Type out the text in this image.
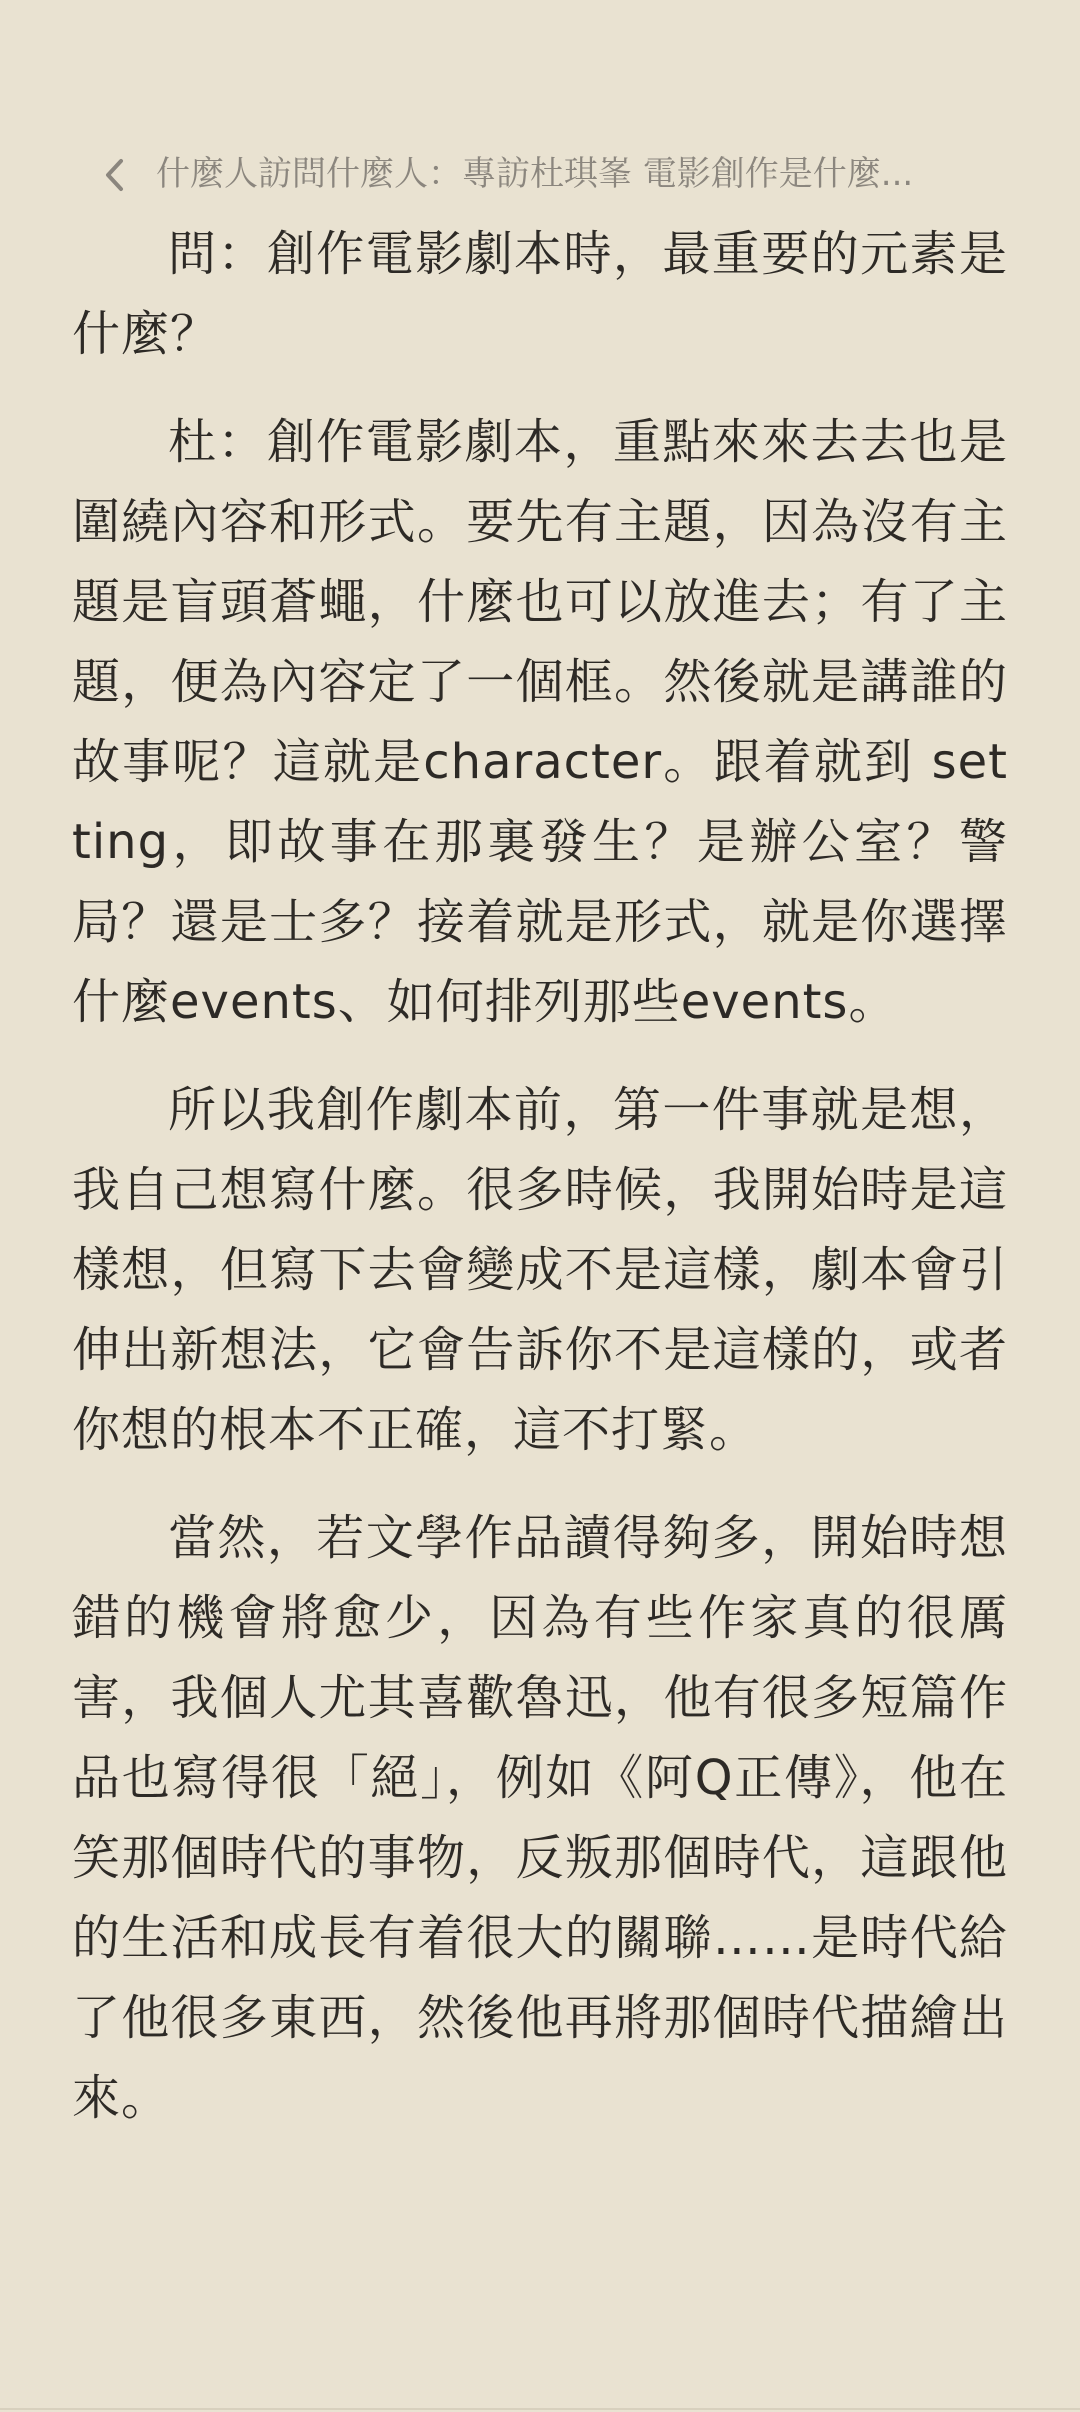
什麼人訪問什麼人：專訪杜琪峯 電影創作是什麼...

問：創作電影劇本時，最重要的元素是什麼？

杜：創作電影劇本，重點來來去去也是圍繞內容和形式。要先有主題，因為沒有主題是盲頭蒼蠅，什麼也可以放進去；有了主題，便為內容定了一個框。然後就是講誰的故事呢？這就是character。跟着就到 setting，即故事在那裏發生？是辦公室？警 局？還是士多？接着就是形式，就是你選擇 什麼events、如何排列那些events。

所以我創作劇本前，第一件事就是想，我自己想寫什麼。很多時候，我開始時是這樣想，但寫下去會變成不是這樣，劇本會引伸出新想法，它會告訴你不是這樣的，或者你想的根本不正確，這不打緊。

當然，若文學作品讀得夠多，開始時想錯的機會將愈少，因為有些作家真的很厲害，我個人尤其喜歡魯迅，他有很多短篇作品也寫得很「絕」，例如《阿Q正傳》，他在笑那個時代的事物，反叛那個時代，這跟他的生活和成長有着很大的關聯……是時代給了他很多東西，然後他再將那個時代描繪出來。
